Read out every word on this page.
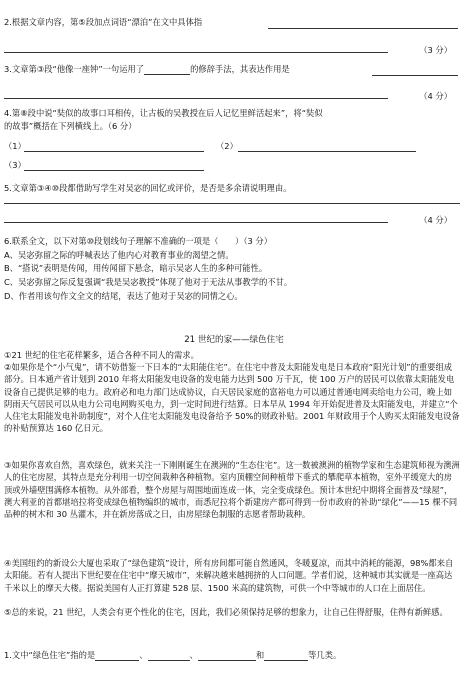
2.根据文章内容，第⑤段加点词语“漂泊”在文中具体指
（3 分）
3.文章第③段“他像一座钟”一句运用了	的修辞手法，其表达作用是
（4 分）
4.第⑧段中说“奘似的故事口耳相传，让古板的吴教授在后人记忆里鲜活起来”，将“奘似
的故事”概括在下列横线上。（6 分）
（1）	（2）
（3）
5.文章第③④⑩段都借助写学生对吴宓的回忆或评价，是否是多余请说明理由。
（4 分）
6.联系全文，以下对第⑩段划线句子理解不准确的一项是（　　）（3 分）
A、吴宓弥留之际的呼喊表达了他内心对教育事业的渴望之情。
B、“搭说”表明是传闻，用传闻留下悬念，暗示吴宓人生的多种可能性。
C、吴宓弥留之际反复强调“我是吴宓教授”体现了他对于无法从事教学的不甘。
D、作者用该句作文全文的结尾，表达了他对于吴宓的同情之心。
21 世纪的家——绿色住宅
①21 世纪的住宅花样繁多，适合各种不同人的需求。
②如果你是个“小气鬼”，请不妨借鉴一下日本的“太阳能住宅”。在住宅中普及太阳能发电是日本政府“阳光计划”的重要组成部分。日本通产省计划到 2010 年将太阳能发电设备的发电能力达到 500 万千瓦，使 100 万户的居民可以依靠太阳能发电设备自己提供足够的电力。政府必和电力部门达成协议，白天居民家庭的富裕电力可以通过普通电网卖给电力公司，晚上如阴雨天气居民可以从电力公司电网购买电力，到一定时间进行结算。日本早从 1994 年开始促进普及太阳能发电，并建立“个人住宅太阳能发电补助制度”，对个人住宅太阳能发电设备给予 50%的财政补贴。2001 年财政用于个人购买太阳能发电设备的补贴预算达 160 亿日元。
③如果你喜欢自然，喜欢绿色，就来关注一下刚刚诞生在澳洲的“生态住宅”。这一数被澳洲的植物学家和生态建筑师视为澳洲人的住宅房屋，其特点是充分利用一切空间栽种各种植物。室内顶棚空间种植带下垂式的攀爬草本植物，室外平缓宽大的房顶或外墙壁围满修本植物。从外部看，整个房屋与周围地面连成一体，完全变成绿色。预计本世纪中期将全面普及“绿屋”，澳大利亚的首都堪培拉将变成绿色植物编织的城市，而悉尼拉将个新建房产都可得到一份市政府的补助“绿化”——15 棵不同品种的树木和 30 丛灌木，并在新房落成之日，由房屋绿色制服的志愿者帮助栽种。
④美国纽约的新设公大厦也采取了“绿色建筑”设计，所有房间都可能自然通风，冬暖夏凉，而其中消耗的能源，98%都来自太阳能。若有人提出下世纪要在住宅中“摩天城市”，来解决越来越拥挤的人口问题。学者们说，这种城市其实就是一座高达千米以上的摩天大楼。据说美国有人正打算建 528 层、1500 米高的建筑物，可供一个中等城市的人口在上面居住。
⑤总的来说，21 世纪，人类会有更个性化的住宅，因此，我们必须保持足够的想象力，让自己住得舒服，住得有新鲜感。
1.文中“绿色住宅”指的是	、	、	和	等几类。
